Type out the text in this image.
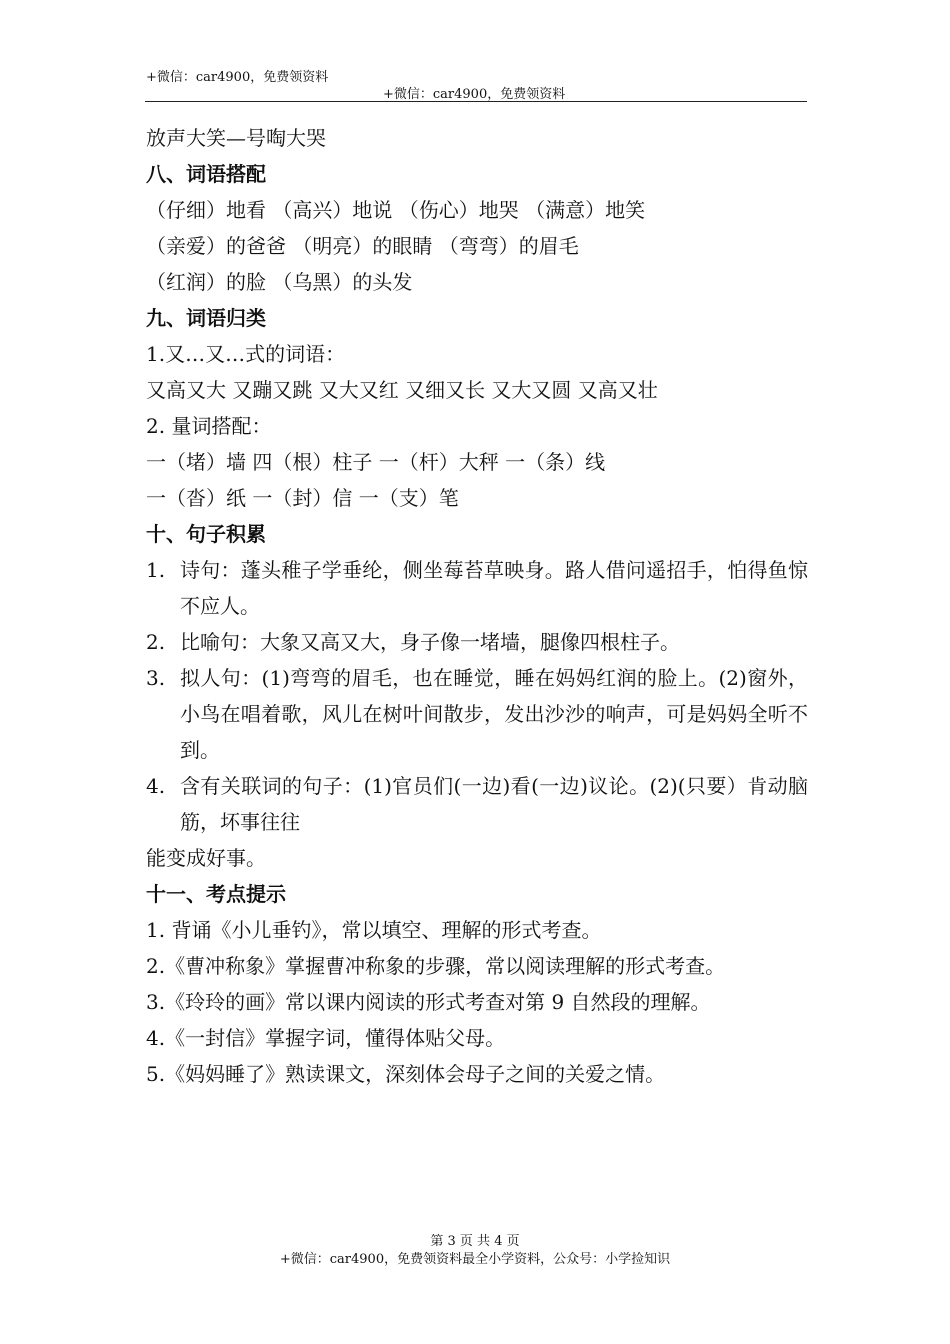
+微信：car4900，免费领资料
+微信：car4900，免费领资料
放声大笑—号啕大哭
八、词语搭配
（仔细）地看 （高兴）地说 （伤心）地哭 （满意）地笑
（亲爱）的爸爸 （明亮）的眼睛 （弯弯）的眉毛
（红润）的脸 （乌黑）的头发
九、词语归类
1.又…又…式的词语：
又高又大 又蹦又跳 又大又红 又细又长 又大又圆 又高又壮
2. 量词搭配：
一（堵）墙 四（根）柱子 一（杆）大秤 一（条）线
一（沓）纸 一（封）信 一（支）笔
十、句子积累
1. 诗句：蓬头稚子学垂纶，侧坐莓苔草映身。路人借问遥招手，怕得鱼惊不应人。
2. 比喻句：大象又高又大，身子像一堵墙，腿像四根柱子。
3. 拟人句：(1)弯弯的眉毛，也在睡觉，睡在妈妈红润的脸上。(2)窗外，小鸟在唱着歌，风儿在树叶间散步，发出沙沙的响声，可是妈妈全听不到。
4. 含有关联词的句子：(1)官员们(一边)看(一边)议论。(2)(只要）肯动脑筋，坏事往往
能变成好事。
十一、考点提示
1. 背诵《小儿垂钓》，常以填空、理解的形式考查。
2.《曹冲称象》掌握曹冲称象的步骤，常以阅读理解的形式考查。
3.《玲玲的画》常以课内阅读的形式考查对第 9 自然段的理解。
4.《一封信》掌握字词，懂得体贴父母。
5.《妈妈睡了》熟读课文，深刻体会母子之间的关爱之情。
第 3 页 共 4 页
+微信：car4900，免费领资料最全小学资料，公众号：小学捡知识
